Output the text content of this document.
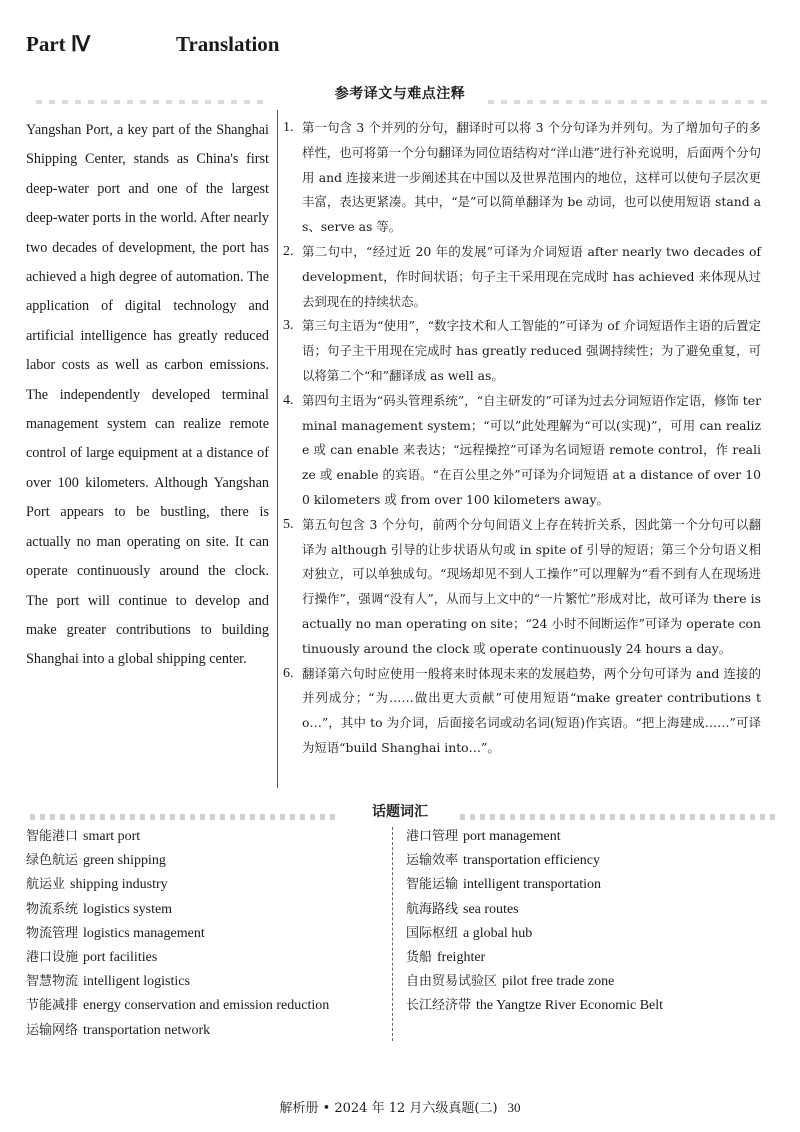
Part Ⅳ	Translation
参考译文与难点注释

Yangshan Port, a key part of the Shanghai Shipping Center, stands as China's first deep-water port and one of the largest deep-water ports in the world. After nearly two decades of development, the port has achieved a high degree of automation. The application of digital technology and artificial intelligence has greatly reduced labor costs as well as carbon emissions. The independently developed terminal management system can realize remote control of large equipment at a distance of over 100 kilometers. Although Yangshan Port appears to be bustling, there is actually no man operating on site. It can operate continuously around the clock. The port will continue to develop and make greater contributions to building Shanghai into a global shipping center.

1. 第一句含 3 个并列的分句，翻译时可以将 3 个分句译为并列句。为了增加句子的多样性，也可将第一个分句翻译为同位语结构对“洋山港”进行补充说明，后面两个分句用 and 连接来进一步阐述其在中国以及世界范围内的地位，这样可以使句子层次更丰富，表达更紧凑。其中，“是”可以简单翻译为 be 动词，也可以使用短语 stand as、serve as 等。
2. 第二句中，“经过近 20 年的发展”可译为介词短语 after nearly two decades of development，作时间状语；句子主干采用现在完成时 has achieved 来体现从过去到现在的持续状态。
3. 第三句主语为“使用”，“数字技术和人工智能的”可译为 of 介词短语作主语的后置定语；句子主干用现在完成时 has greatly reduced 强调持续性；为了避免重复，可以将第二个“和”翻译成 as well as。
4. 第四句主语为“码头管理系统”，“自主研发的”可译为过去分词短语作定语，修饰 terminal management system；“可以”此处理解为“可以(实现)”，可用 can realize 或 can enable 来表达；“远程操控”可译为名词短语 remote control，作 realize 或 enable 的宾语。“在百公里之外”可译为介词短语 at a distance of over 100 kilometers 或 from over 100 kilometers away。
5. 第五句包含 3 个分句，前两个分句间语义上存在转折关系，因此第一个分句可以翻译为 although 引导的让步状语从句或 in spite of 引导的短语；第三个分句语义相对独立，可以单独成句。“现场却见不到人工操作”可以理解为“看不到有人在现场进行操作”，强调“没有人”，从而与上文中的“一片繁忙”形成对比，故可译为 there is actually no man operating on site；“24 小时不间断运作”可译为 operate continuously around the clock 或 operate continuously 24 hours a day。
6. 翻译第六句时应使用一般将来时体现未来的发展趋势，两个分句可译为 and 连接的并列成分；“为……做出更大贡献”可使用短语“make greater contributions to…”，其中 to 为介词，后面接名词或动名词(短语)作宾语。“把上海建成……”可译为短语“build Shanghai into…”。
话题词汇
智能港口 smart port
绿色航运 green shipping
航运业 shipping industry
物流系统 logistics system
物流管理 logistics management
港口设施 port facilities
智慧物流 intelligent logistics
节能减排 energy conservation and emission reduction
运输网络 transportation network
港口管理 port management
运输效率 transportation efficiency
智能运输 intelligent transportation
航海路线 sea routes
国际枢纽 a global hub
货船 freighter
自由贸易试验区 pilot free trade zone
长江经济带 the Yangtze River Economic Belt
解析册 • 2024 年 12 月六级真题(二) 30
